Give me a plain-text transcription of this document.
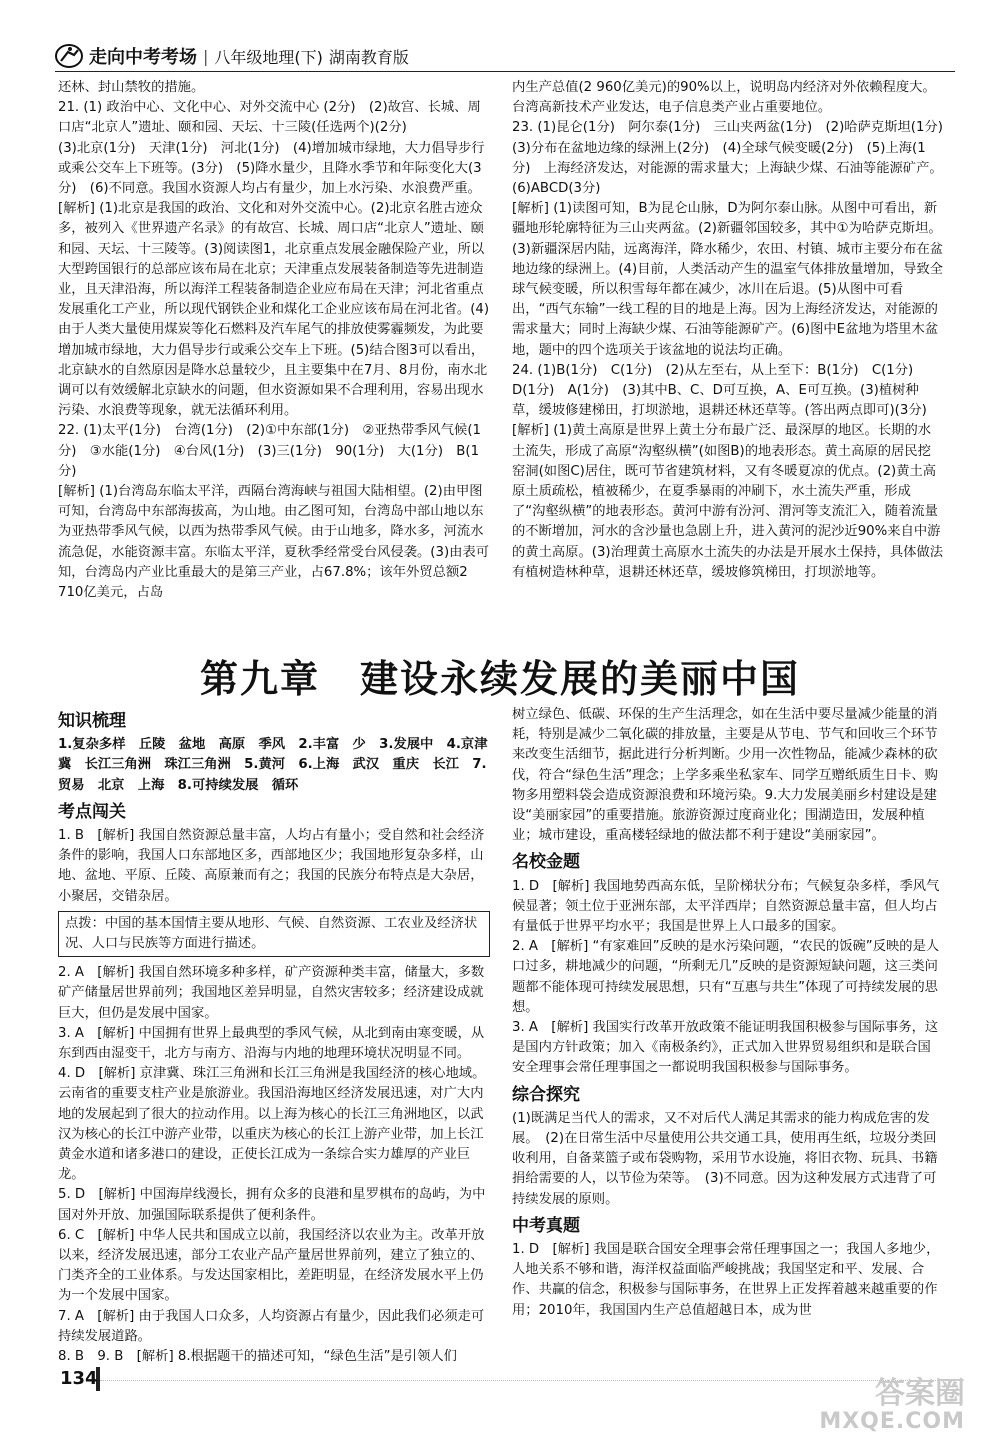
走向中考考场 | 八年级地理(下) 湖南教育版

还林、封山禁牧的措施。

21. (1) 政治中心、文化中心、对外交流中心 (2分)　(2)故宫、长城、周口店“北京人”遗址、颐和园、天坛、十三陵(任选两个)(2分)

(3)北京(1分)　天津(1分)　河北(1分)　(4)增加城市绿地，大力倡导步行或乘公交车上下班等。(3分)　(5)降水量少，且降水季节和年际变化大(3分)　(6)不同意。我国水资源人均占有量少，加上水污染、水浪费严重。

[解析] (1)北京是我国的政治、文化和对外交流中心。(2)北京名胜古迹众多，被列入《世界遗产名录》的有故宫、长城、周口店“北京人”遗址、颐和园、天坛、十三陵等。(3)阅读图1，北京重点发展金融保险产业，所以大型跨国银行的总部应该布局在北京；天津重点发展装备制造等先进制造业，且天津沿海，所以海洋工程装备制造企业应布局在天津；河北省重点发展重化工产业，所以现代钢铁企业和煤化工企业应该布局在河北省。(4)由于人类大量使用煤炭等化石燃料及汽车尾气的排放使雾霾频发，为此要增加城市绿地，大力倡导步行或乘公交车上下班。(5)结合图3可以看出，北京缺水的自然原因是降水总量较少，且主要集中在7月、8月份，南水北调可以有效缓解北京缺水的问题，但水资源如果不合理利用，容易出现水污染、水浪费等现象，就无法循环利用。

22. (1)太平(1分)　台湾(1分)　(2)①中东部(1分)　②亚热带季风气候(1分)　③水能(1分)　④台风(1分)　(3)三(1分)　90(1分)　大(1分)　B(1分)

[解析] (1)台湾岛东临太平洋，西隔台湾海峡与祖国大陆相望。(2)由甲图可知，台湾岛中东部海拔高，为山地。由乙图可知，台湾岛中部山地以东为亚热带季风气候，以西为热带季风气候。由于山地多，降水多，河流水流急促，水能资源丰富。东临太平洋，夏秋季经常受台风侵袭。(3)由表可知，台湾岛内产业比重最大的是第三产业，占67.8%；该年外贸总额2 710亿美元，占岛

内生产总值(2 960亿美元)的90%以上，说明岛内经济对外依赖程度大。台湾高新技术产业发达，电子信息类产业占重要地位。

23. (1)昆仑(1分)　阿尔泰(1分)　三山夹两盆(1分)　(2)哈萨克斯坦(1分)　(3)分布在盆地边缘的绿洲上(2分)　(4)全球气候变暖(2分)　(5)上海(1分)　上海经济发达，对能源的需求量大；上海缺少煤、石油等能源矿产。(6)ABCD(3分)

[解析] (1)读图可知，B为昆仑山脉，D为阿尔泰山脉。从图中可看出，新疆地形轮廓特征为三山夹两盆。(2)新疆邻国较多，其中①为哈萨克斯坦。(3)新疆深居内陆，远离海洋，降水稀少，农田、村镇、城市主要分布在盆地边缘的绿洲上。(4)目前，人类活动产生的温室气体排放量增加，导致全球气候变暖，所以积雪每年都在减少，冰川在后退。(5)从图中可看出，“西气东输”一线工程的目的地是上海。因为上海经济发达，对能源的需求量大；同时上海缺少煤、石油等能源矿产。(6)图中E盆地为塔里木盆地，题中的四个选项关于该盆地的说法均正确。

24. (1)B(1分)　C(1分)　(2)从左至右，从上至下：B(1分)　C(1分)　D(1分)　A(1分)　(3)其中B、C、D可互换，A、E可互换。(3)植树种草，缓坡修建梯田，打坝淤地，退耕还林还草等。(答出两点即可)(3分)

[解析] (1)黄土高原是世界上黄土分布最广泛、最深厚的地区。长期的水土流失，形成了高原“沟壑纵横”(如图B)的地表形态。黄土高原的居民挖窑洞(如图C)居住，既可节省建筑材料，又有冬暖夏凉的优点。(2)黄土高原土质疏松，植被稀少，在夏季暴雨的冲刷下，水土流失严重，形成了“沟壑纵横”的地表形态。黄河中游有汾河、渭河等支流汇入，随着流量的不断增加，河水的含沙量也急剧上升，进入黄河的泥沙近90%来自中游的黄土高原。(3)治理黄土高原水土流失的办法是开展水土保持，具体做法有植树造林种草，退耕还林还草，缓坡修筑梯田，打坝淤地等。

第九章　建设永续发展的美丽中国
知识梳理

1.复杂多样　丘陵　盆地　高原　季风　2.丰富　少　3.发展中　4.京津冀　长江三角洲　珠江三角洲　5.黄河　6.上海　武汉　重庆　长江　7.贸易　北京　上海　8.可持续发展　循环

考点闯关

1. B　[解析] 我国自然资源总量丰富，人均占有量小；受自然和社会经济条件的影响，我国人口东部地区多，西部地区少；我国地形复杂多样，山地、盆地、平原、丘陵、高原兼而有之；我国的民族分布特点是大杂居，小聚居，交错杂居。

点拨：中国的基本国情主要从地形、气候、自然资源、工农业及经济状况、人口与民族等方面进行描述。

2. A　[解析] 我国自然环境多种多样，矿产资源种类丰富，储量大，多数矿产储量居世界前列；我国地区差异明显，自然灾害较多；经济建设成就巨大，但仍是发展中国家。

3. A　[解析] 中国拥有世界上最典型的季风气候，从北到南由寒变暖，从东到西由湿变干，北方与南方、沿海与内地的地理环境状况明显不同。

4. D　[解析] 京津冀、珠江三角洲和长江三角洲是我国经济的核心地域。云南省的重要支柱产业是旅游业。我国沿海地区经济发展迅速，对广大内地的发展起到了很大的拉动作用。以上海为核心的长江三角洲地区，以武汉为核心的长江中游产业带，以重庆为核心的长江上游产业带，加上长江黄金水道和诸多港口的建设，正使长江成为一条综合实力雄厚的产业巨龙。

5. D　[解析] 中国海岸线漫长，拥有众多的良港和星罗棋布的岛屿，为中国对外开放、加强国际联系提供了便利条件。

6. C　[解析] 中华人民共和国成立以前，我国经济以农业为主。改革开放以来，经济发展迅速，部分工农业产品产量居世界前列，建立了独立的、门类齐全的工业体系。与发达国家相比，差距明显，在经济发展水平上仍为一个发展中国家。

7. A　[解析] 由于我国人口众多，人均资源占有量少，因此我们必须走可持续发展道路。

8. B　9. B　[解析] 8.根据题干的描述可知，“绿色生活”是引领人们

树立绿色、低碳、环保的生产生活理念，如在生活中要尽量减少能量的消耗，特别是减少二氧化碳的排放量，主要是从节电、节气和回收三个环节来改变生活细节，据此进行分析判断。少用一次性物品，能减少森林的砍伐，符合“绿色生活”理念；上学多乘坐私家车、同学互赠纸质生日卡、购物多用塑料袋会造成资源浪费和环境污染。9.大力发展美丽乡村建设是建设“美丽家园”的重要措施。旅游资源过度商业化；围湖造田，发展种植业；城市建设，重高楼轻绿地的做法都不利于建设“美丽家园”。

名校金题

1. D　[解析] 我国地势西高东低，呈阶梯状分布；气候复杂多样，季风气候显著；领土位于亚洲东部，太平洋西岸；自然资源总量丰富，但人均占有量低于世界平均水平；我国是世界上人口最多的国家。

2. A　[解析] “有家难回”反映的是水污染问题，“农民的饭碗”反映的是人口过多，耕地减少的问题，“所剩无几”反映的是资源短缺问题，这三类问题都不能体现可持续发展思想，只有“互惠与共生”体现了可持续发展的思想。

3. A　[解析] 我国实行改革开放政策不能证明我国积极参与国际事务，这是国内方针政策；加入《南极条约》，正式加入世界贸易组织和是联合国安全理事会常任理事国之一都说明我国积极参与国际事务。

综合探究

(1)既满足当代人的需求，又不对后代人满足其需求的能力构成危害的发展。　(2)在日常生活中尽量使用公共交通工具，使用再生纸，垃圾分类回收利用，自备菜篮子或布袋购物，采用节水设施，将旧衣物、玩具、书籍捐给需要的人，以节俭为荣等。　(3)不同意。因为这种发展方式违背了可持续发展的原则。

中考真题

1. D　[解析] 我国是联合国安全理事会常任理事国之一；我国人多地少，人地关系不够和谐，海洋权益面临严峻挑战；我国坚定和平、发展、合作、共赢的信念，积极参与国际事务，在世界上正发挥着越来越重要的作用；2010年，我国国内生产总值超越日本，成为世

134	答案圈
MXQE.COM
